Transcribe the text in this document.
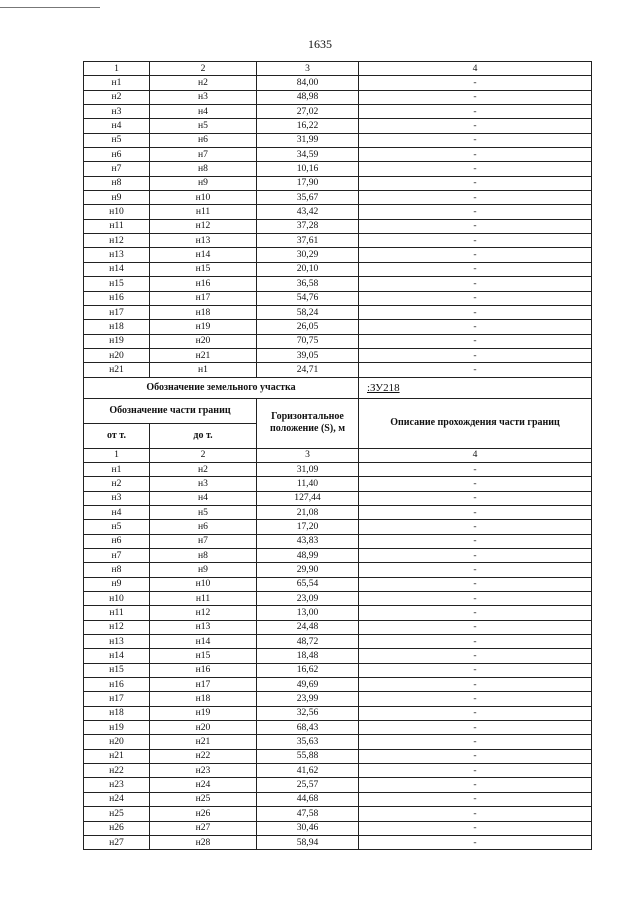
1635
1	2	3	4
н1	н2	84,00	-
н2	н3	48,98	-
н3	н4	27,02	-
н4	н5	16,22	-
н5	н6	31,99	-
н6	н7	34,59	-
н7	н8	10,16	-
н8	н9	17,90	-
н9	н10	35,67	-
н10	н11	43,42	-
н11	н12	37,28	-
н12	н13	37,61	-
н13	н14	30,29	-
н14	н15	20,10	-
н15	н16	36,58	-
н16	н17	54,76	-
н17	н18	58,24	-
н18	н19	26,05	-
н19	н20	70,75	-
н20	н21	39,05	-
н21	н1	24,71	-
Обозначение земельного участка			:ЗУ218
Обозначение части границ		Горизонтальное положение (S), м	Описание прохождения части границ
от т.	до т.		
1	2	3	4
н1	н2	31,09	-
н2	н3	11,40	-
н3	н4	127,44	-
н4	н5	21,08	-
н5	н6	17,20	-
н6	н7	43,83	-
н7	н8	48,99	-
н8	н9	29,90	-
н9	н10	65,54	-
н10	н11	23,09	-
н11	н12	13,00	-
н12	н13	24,48	-
н13	н14	48,72	-
н14	н15	18,48	-
н15	н16	16,62	-
н16	н17	49,69	-
н17	н18	23,99	-
н18	н19	32,56	-
н19	н20	68,43	-
н20	н21	35,63	-
н21	н22	55,88	-
н22	н23	41,62	-
н23	н24	25,57	-
н24	н25	44,68	-
н25	н26	47,58	-
н26	н27	30,46	-
н27	н28	58,94	-
